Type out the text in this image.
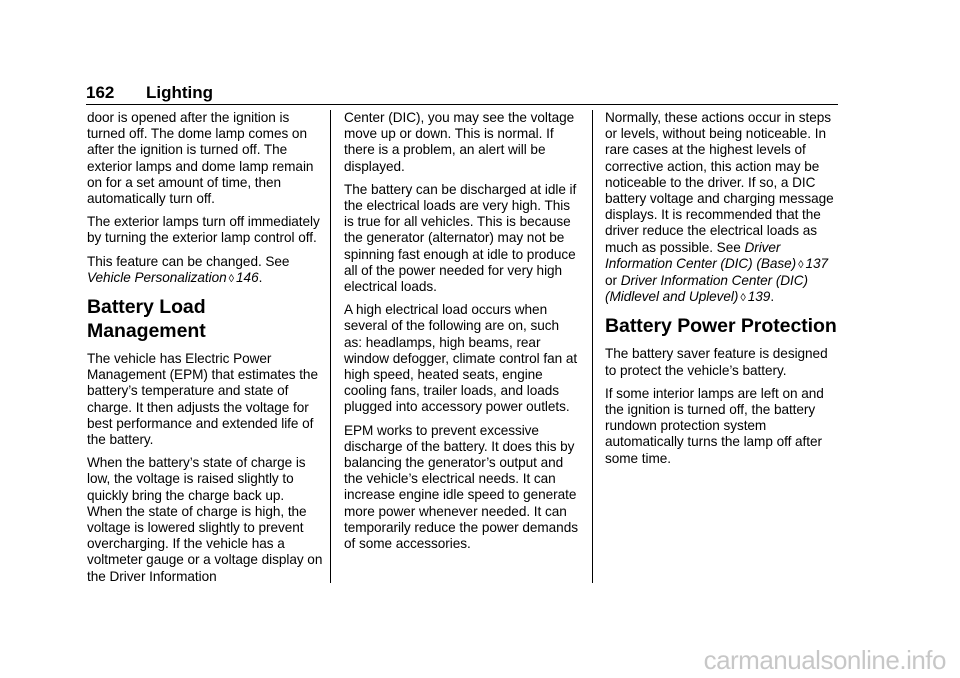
162 Lighting

door is opened after the ignition is turned off. The dome lamp comes on after the ignition is turned off. The exterior lamps and dome lamp remain on for a set amount of time, then automatically turn off.

The exterior lamps turn off immediately by turning the exterior lamp control off.

This feature can be changed. See Vehicle Personalization ◊ 146.

Battery Load Management

The vehicle has Electric Power Management (EPM) that estimates the battery’s temperature and state of charge. It then adjusts the voltage for best performance and extended life of the battery.

When the battery’s state of charge is low, the voltage is raised slightly to quickly bring the charge back up. When the state of charge is high, the voltage is lowered slightly to prevent overcharging. If the vehicle has a voltmeter gauge or a voltage display on the Driver Information

Center (DIC), you may see the voltage move up or down. This is normal. If there is a problem, an alert will be displayed.

The battery can be discharged at idle if the electrical loads are very high. This is true for all vehicles. This is because the generator (alternator) may not be spinning fast enough at idle to produce all of the power needed for very high electrical loads.

A high electrical load occurs when several of the following are on, such as: headlamps, high beams, rear window defogger, climate control fan at high speed, heated seats, engine cooling fans, trailer loads, and loads plugged into accessory power outlets.

EPM works to prevent excessive discharge of the battery. It does this by balancing the generator’s output and the vehicle’s electrical needs. It can increase engine idle speed to generate more power whenever needed. It can temporarily reduce the power demands of some accessories.

Normally, these actions occur in steps or levels, without being noticeable. In rare cases at the highest levels of corrective action, this action may be noticeable to the driver. If so, a DIC battery voltage and charging message displays. It is recommended that the driver reduce the electrical loads as much as possible. See Driver Information Center (DIC) (Base) ◊ 137 or Driver Information Center (DIC) (Midlevel and Uplevel) ◊ 139.

Battery Power Protection

The battery saver feature is designed to protect the vehicle’s battery.

If some interior lamps are left on and the ignition is turned off, the battery rundown protection system automatically turns the lamp off after some time.

carmanualsonline.info
